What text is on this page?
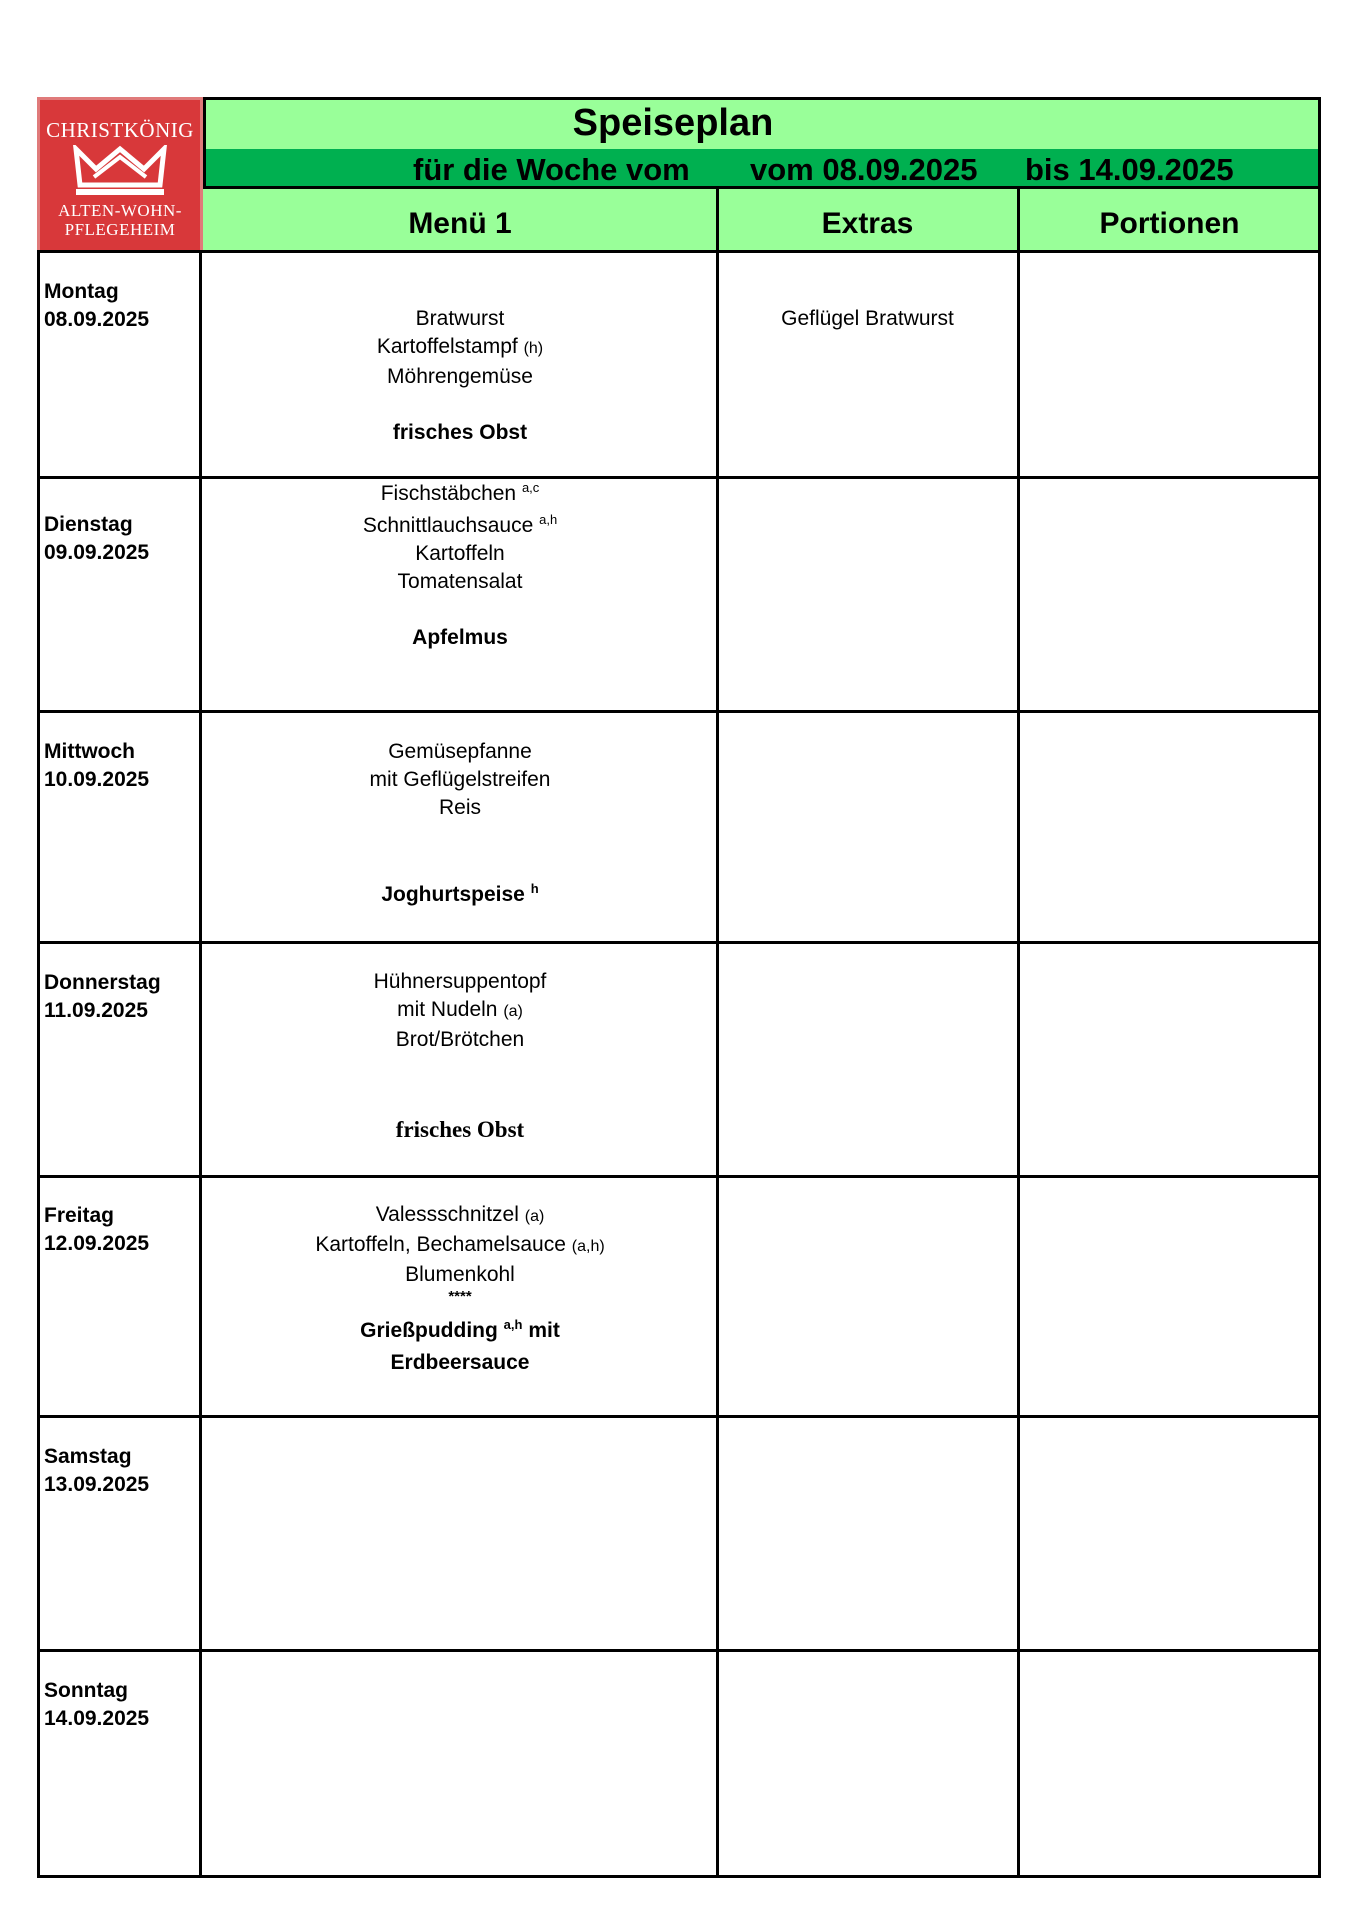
CHRISTKÖNIG
ALTEN-WOHN-
PFLEGEHEIM
Speiseplan
für die Woche vom vom 08.09.2025 bis 14.09.2025
Menü 1	Extras	Portionen
Montag
08.09.2025
Dienstag
09.09.2025
Mittwoch
10.09.2025
Donnerstag
11.09.2025
Freitag
12.09.2025
Samstag
13.09.2025
Sonntag
14.09.2025
Bratwurst
Kartoffelstampf (h)
Möhrengemüse
frisches Obst
Geflügel Bratwurst
Fischstäbchen $^{a,c}$
Schnittlauchsauce $^{a,h}$
Kartoffeln
Tomatensalat
Apfelmus
Gemüsepfanne
mit Geflügelstreifen
Reis
Joghurtspeise $^h$
Hühnersuppentopf
mit Nudeln (a)
Brot/Brötchen
frisches Obst
Valessschnitzel (a)
Kartoffeln, Bechamelsauce (a,h)
Blumenkohl
****
Grießpudding $^{a,h}$ mit
Erdbeersauce
